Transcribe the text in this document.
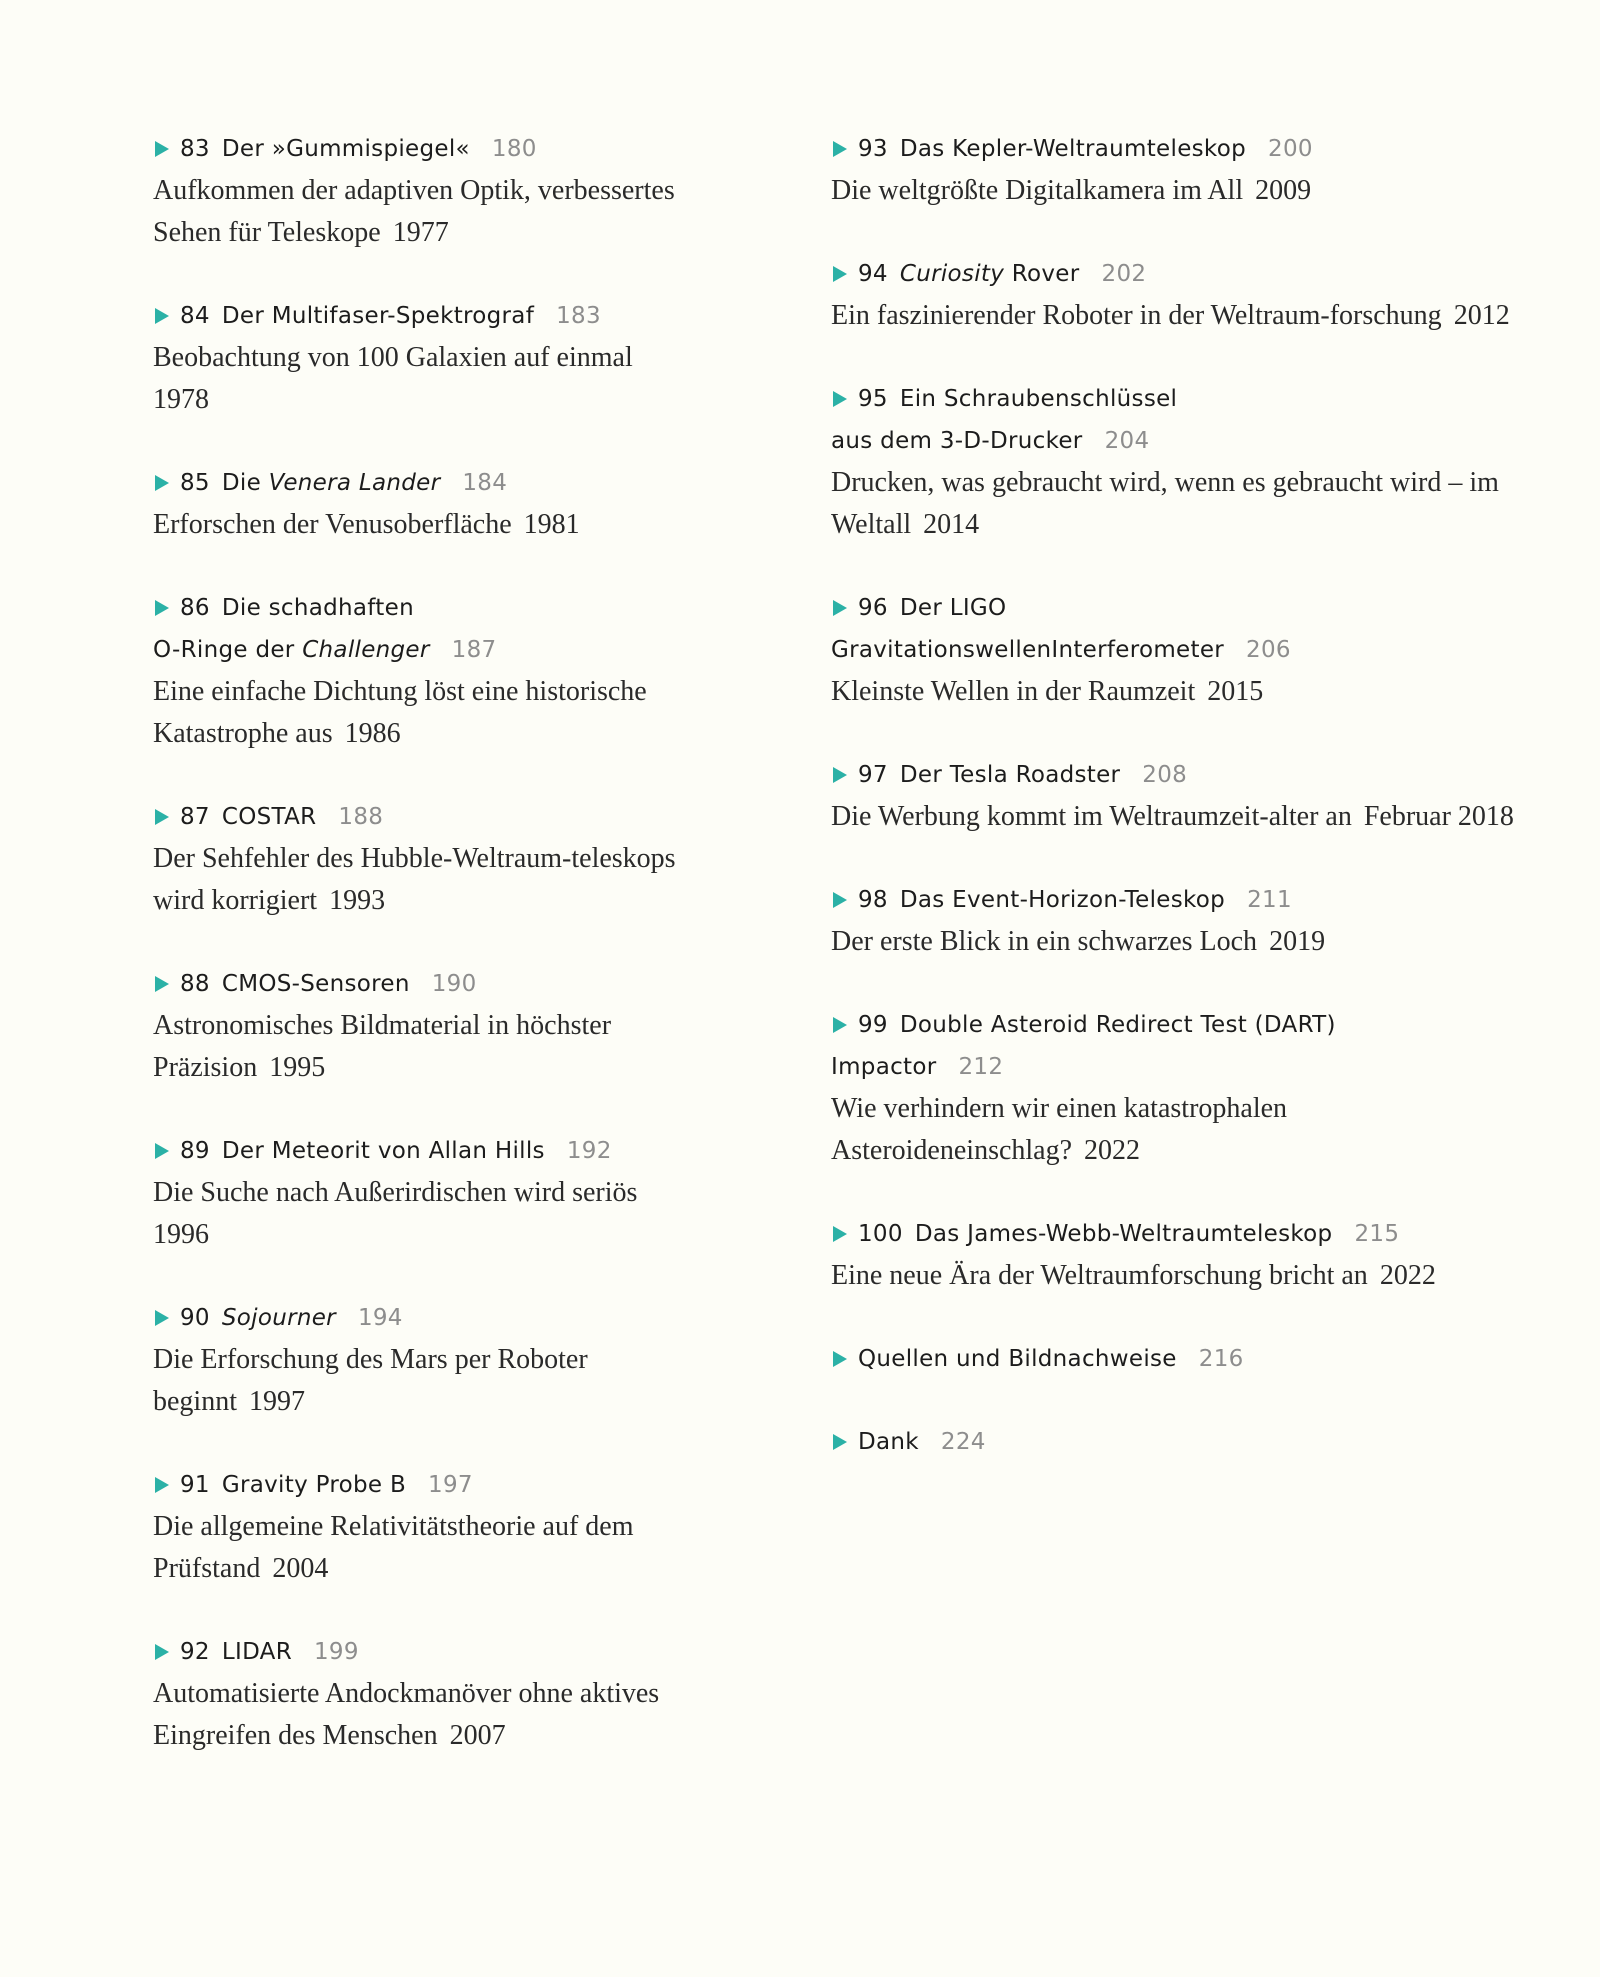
83 Der »Gummispiegel« 180
Aufkommen der adaptiven Optik, verbessertes Sehen für Teleskope 1977
84 Der Multifaser-Spektrograf 183
Beobachtung von 100 Galaxien auf einmal
1978
85 Die Venera Lander 184
Erforschen der Venusoberfläche 1981
86 Die schadhaften
O-Ringe der Challenger 187
Eine einfache Dichtung löst eine historische Katastrophe aus 1986
87 COSTAR 188
Der Sehfehler des Hubble-Weltraum-teleskops wird korrigiert 1993
88 CMOS-Sensoren 190
Astronomisches Bildmaterial in höchster Präzision 1995
89 Der Meteorit von Allan Hills 192
Die Suche nach Außerirdischen wird seriös
1996
90 Sojourner 194
Die Erforschung des Mars per Roboter beginnt 1997
91 Gravity Probe B 197
Die allgemeine Relativitätstheorie auf dem Prüfstand 2004
92 LIDAR 199
Automatisierte Andockmanöver ohne aktives Eingreifen des Menschen 2007
93 Das Kepler-Weltraumteleskop 200
Die weltgrößte Digitalkamera im All 2009
94 Curiosity Rover 202
Ein faszinierender Roboter in der Weltraum-forschung 2012
95 Ein Schraubenschlüssel
aus dem 3-D-Drucker 204
Drucken, was gebraucht wird, wenn es gebraucht wird – im Weltall 2014
96 Der LIGO
GravitationswellenInterferometer 206
Kleinste Wellen in der Raumzeit 2015
97 Der Tesla Roadster 208
Die Werbung kommt im Weltraumzeit-alter an Februar 2018
98 Das Event-Horizon-Teleskop 211
Der erste Blick in ein schwarzes Loch 2019
99 Double Asteroid Redirect Test (DART)
Impactor 212
Wie verhindern wir einen katastrophalen Asteroideneinschlag? 2022
100 Das James-Webb-Weltraumteleskop 215
Eine neue Ära der Weltraumforschung bricht an 2022
Quellen und Bildnachweise 216
Dank 224
